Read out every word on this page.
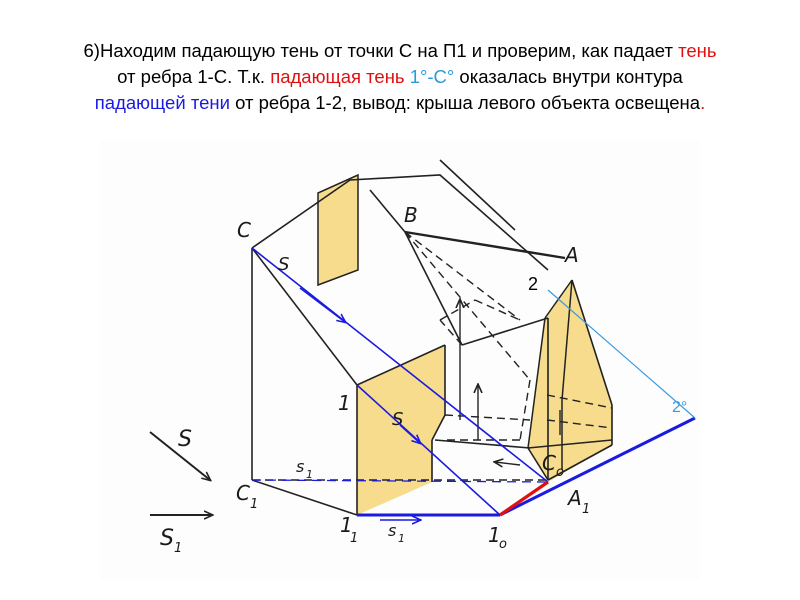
6)Находим падающую тень от точки С на П1 и проверим, как падает тень
от ребра 1-С. Т.к. падающая тень 1°-С° оказалась внутри контура
падающей тени от ребра 1-2, вывод: крыша левого объекта освещена.
C
B
A
2
2°
1
C 1
1
1	1
o
A 1
C o
S
S
S
S 1
s 1
s 1
